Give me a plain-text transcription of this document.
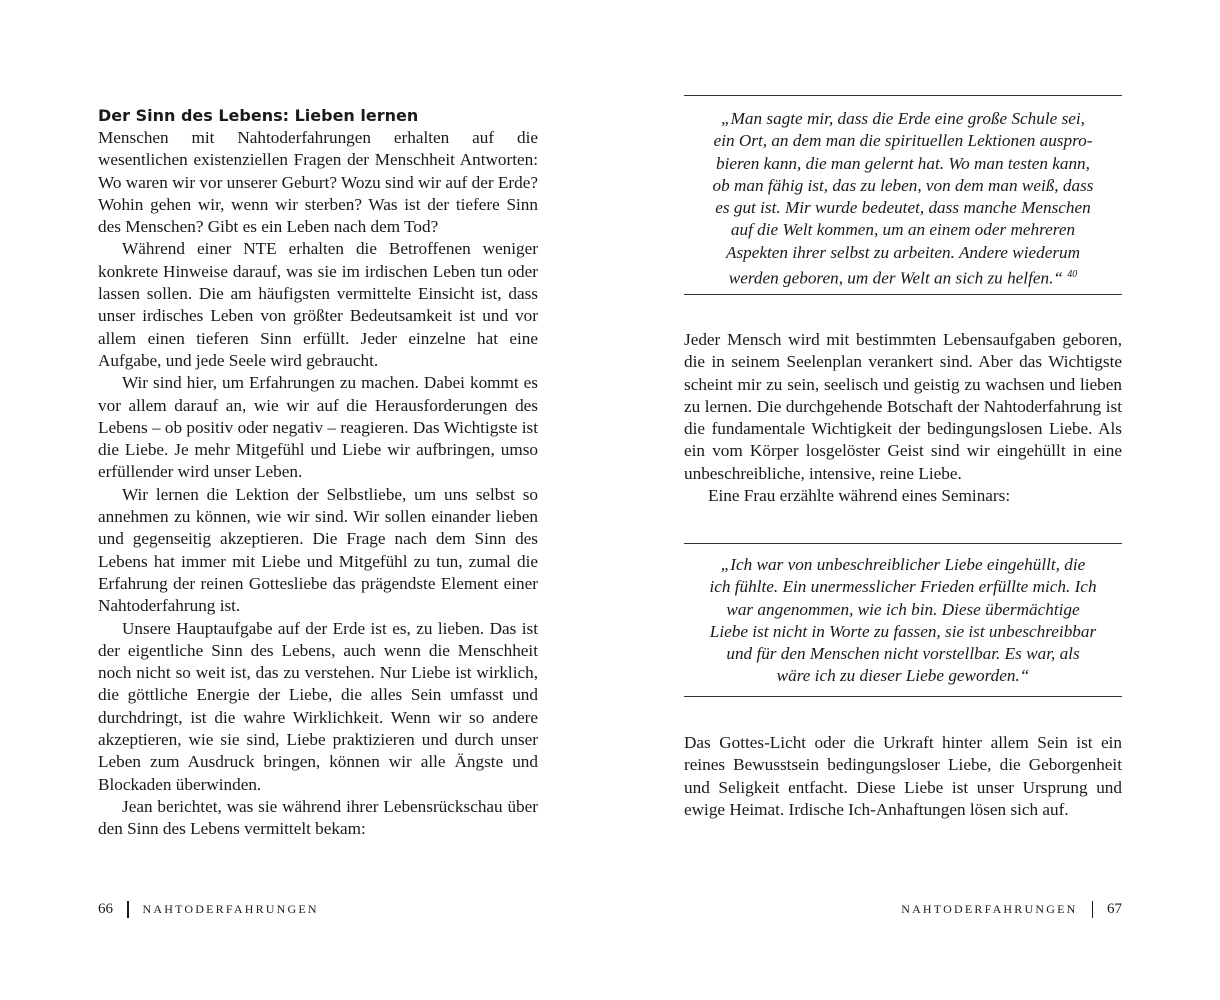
Der Sinn des Lebens: Lieben lernen

Menschen mit Nahtoderfahrungen erhalten auf die wesentlichen existenziellen Fragen der Menschheit Antworten: Wo waren wir vor unserer Geburt? Wozu sind wir auf der Erde? Wohin gehen wir, wenn wir sterben? Was ist der tiefere Sinn des Menschen? Gibt es ein Leben nach dem Tod?

Während einer NTE erhalten die Betroffenen weniger konkrete Hinweise darauf, was sie im irdischen Leben tun oder lassen sollen. Die am häufigsten vermittelte Einsicht ist, dass unser irdisches Leben von größter Bedeutsamkeit ist und vor allem einen tieferen Sinn erfüllt. Jeder einzelne hat eine Aufgabe, und jede Seele wird gebraucht.

Wir sind hier, um Erfahrungen zu machen. Dabei kommt es vor allem darauf an, wie wir auf die Herausforderungen des Lebens – ob positiv oder negativ – reagieren. Das Wichtigste ist die Liebe. Je mehr Mitgefühl und Liebe wir aufbringen, umso erfüllender wird unser Leben.

Wir lernen die Lektion der Selbstliebe, um uns selbst so annehmen zu können, wie wir sind. Wir sollen einander lieben und gegenseitig akzeptieren. Die Frage nach dem Sinn des Lebens hat immer mit Liebe und Mitgefühl zu tun, zumal die Erfahrung der reinen Gottesliebe das prägendste Element einer Nahtoderfahrung ist.

Unsere Hauptaufgabe auf der Erde ist es, zu lieben. Das ist der eigentliche Sinn des Lebens, auch wenn die Menschheit noch nicht so weit ist, das zu verstehen. Nur Liebe ist wirklich, die göttliche Energie der Liebe, die alles Sein umfasst und durchdringt, ist die wahre Wirklichkeit. Wenn wir so andere akzeptieren, wie sie sind, Liebe praktizieren und durch unser Leben zum Ausdruck bringen, können wir alle Ängste und Blockaden überwinden.

Jean berichtet, was sie während ihrer Lebensrückschau über den Sinn des Lebens vermittelt bekam:

66 NAHTODERFAHRUNGEN
„Man sagte mir, dass die Erde eine große Schule sei,
ein Ort, an dem man die spirituellen Lektionen auspro-
bieren kann, die man gelernt hat. Wo man testen kann,
ob man fähig ist, das zu leben, von dem man weiß, dass
es gut ist. Mir wurde bedeutet, dass manche Menschen
auf die Welt kommen, um an einem oder mehreren
Aspekten ihrer selbst zu arbeiten. Andere wiederum
werden geboren, um der Welt an sich zu helfen.“ $^{40}$

Jeder Mensch wird mit bestimmten Lebensaufgaben geboren, die in seinem Seelenplan verankert sind. Aber das Wichtigste scheint mir zu sein, seelisch und geistig zu wachsen und lieben zu lernen. Die durchgehende Botschaft der Nahtoderfahrung ist die fundamentale Wichtigkeit der bedingungslosen Liebe. Als ein vom Körper losgelöster Geist sind wir eingehüllt in eine unbeschreibliche, intensive, reine Liebe.

Eine Frau erzählte während eines Seminars:

„Ich war von unbeschreiblicher Liebe eingehüllt, die
ich fühlte. Ein unermesslicher Frieden erfüllte mich. Ich
war angenommen, wie ich bin. Diese übermächtige
Liebe ist nicht in Worte zu fassen, sie ist unbeschreibbar
und für den Menschen nicht vorstellbar. Es war, als
wäre ich zu dieser Liebe geworden.“

Das Gottes-Licht oder die Urkraft hinter allem Sein ist ein reines Bewusstsein bedingungsloser Liebe, die Geborgenheit und Seligkeit entfacht. Diese Liebe ist unser Ursprung und ewige Heimat. Irdische Ich-Anhaftungen lösen sich auf.

NAHTODERFAHRUNGEN 67
